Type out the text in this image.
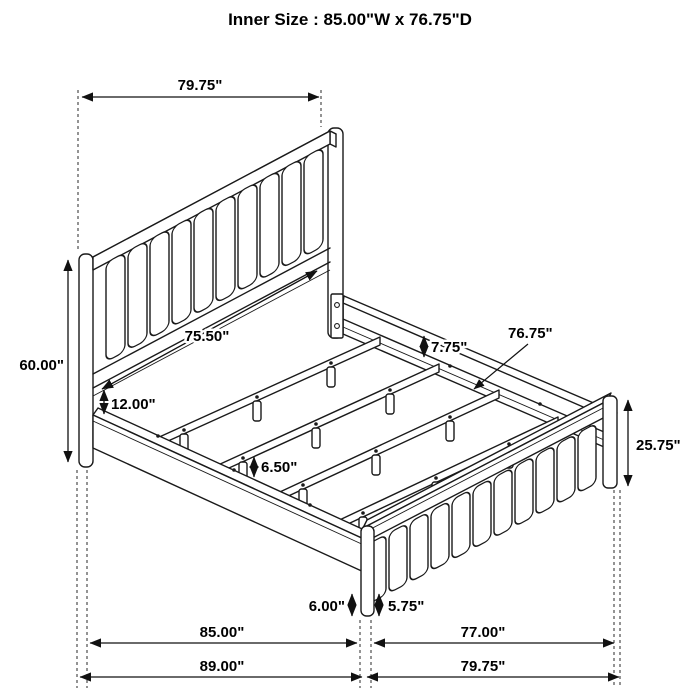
Inner Size : 85.00"W x 76.75"D
79.75"
60.00"
75.50"
12.00"
7.75"
76.75"
25.75"
6.50"
6.00"	5.75"
85.00"
89.00"
77.00"
79.75"
